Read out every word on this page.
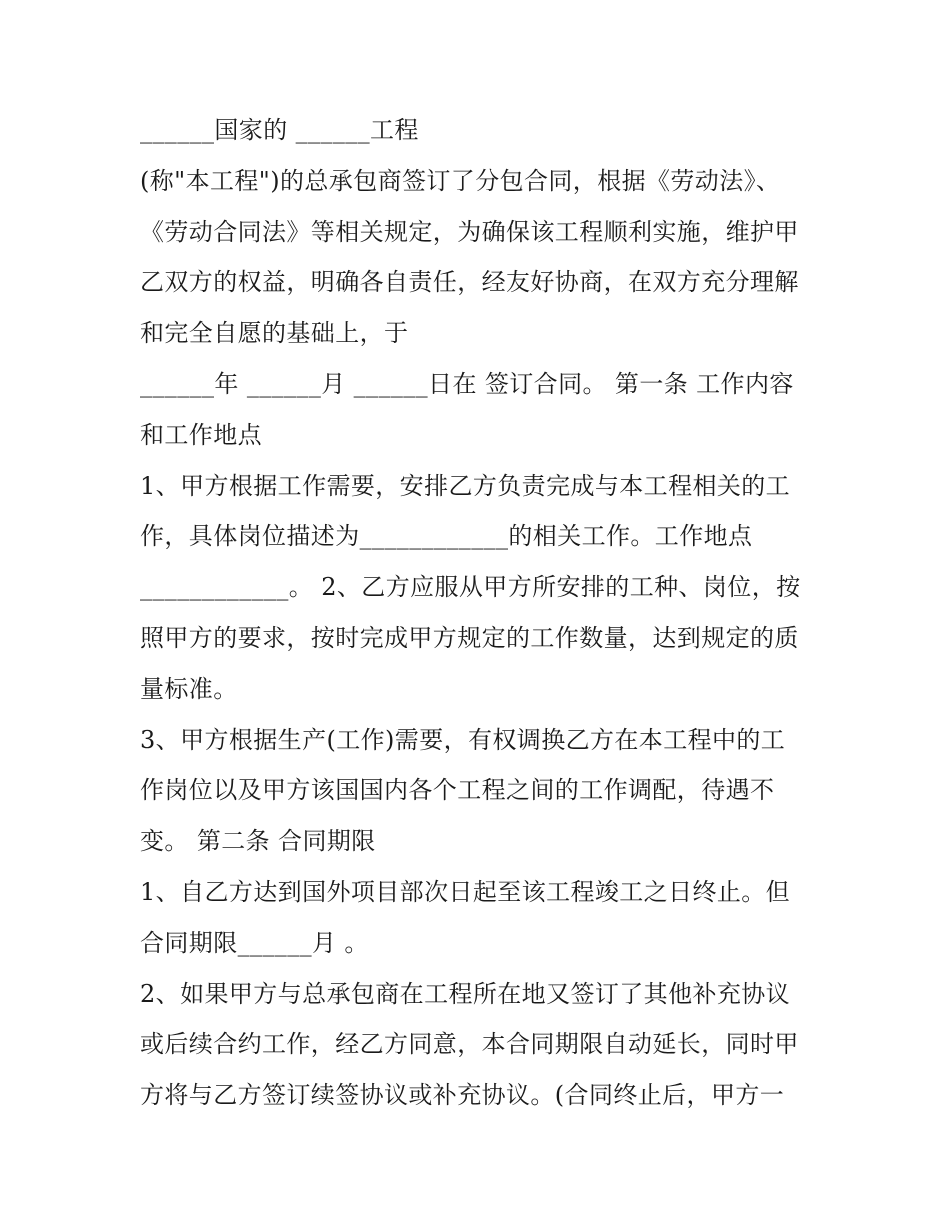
______国家的 ______工程
(称"本工程")的总承包商签订了分包合同，根据《劳动法》、
《劳动合同法》等相关规定，为确保该工程顺利实施，维护甲
乙双方的权益，明确各自责任，经友好协商，在双方充分理解
和完全自愿的基础上，于
______年 ______月 ______日在 签订合同。 第一条 工作内容
和工作地点
1、甲方根据工作需要，安排乙方负责完成与本工程相关的工
作，具体岗位描述为____________的相关工作。工作地点
____________。 2、乙方应服从甲方所安排的工种、岗位，按
照甲方的要求，按时完成甲方规定的工作数量，达到规定的质
量标准。
3、甲方根据生产(工作)需要，有权调换乙方在本工程中的工
作岗位以及甲方该国国内各个工程之间的工作调配，待遇不
变。 第二条 合同期限
1、自乙方达到国外项目部次日起至该工程竣工之日终止。但
合同期限______月 。
2、如果甲方与总承包商在工程所在地又签订了其他补充协议
或后续合约工作，经乙方同意，本合同期限自动延长，同时甲
方将与乙方签订续签协议或补充协议。(合同终止后，甲方一
